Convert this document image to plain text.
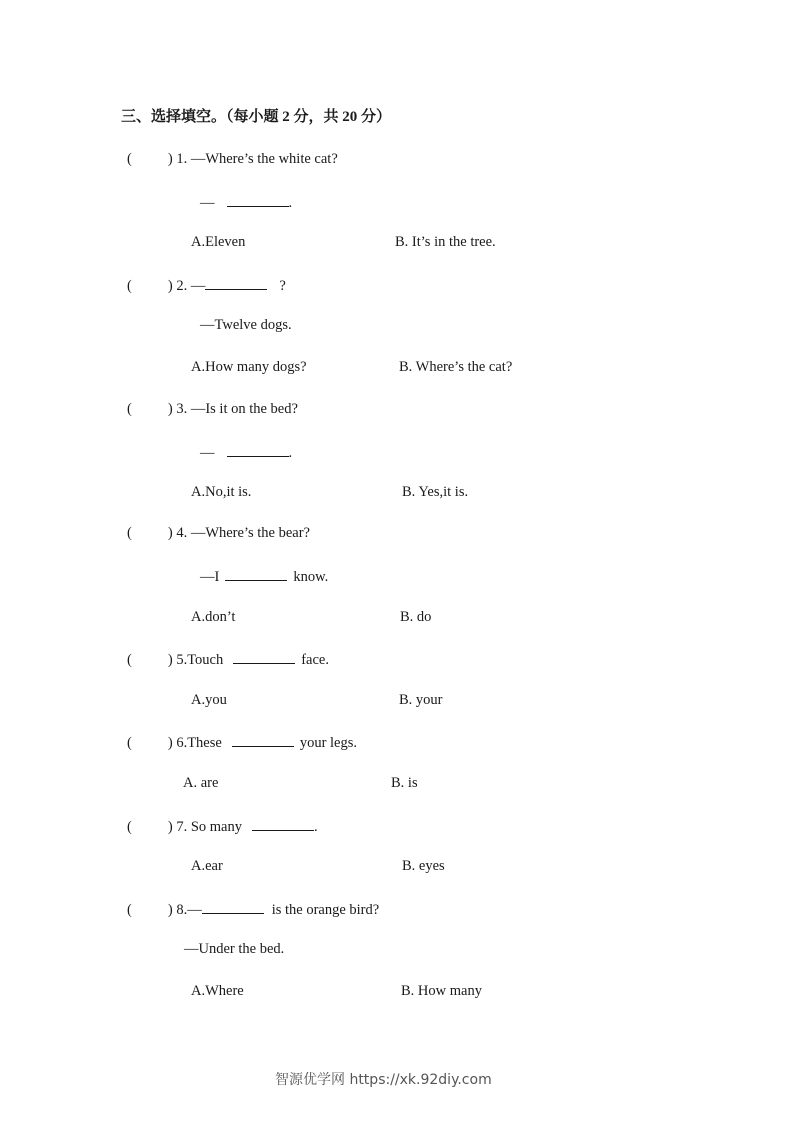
三、选择填空。（每小题 2 分，共 20 分）
( ) 1. —Where’s the white cat?
—	.
A.Eleven	B. It’s in the tree.
( ) 2. —	?
—Twelve dogs.
A.How many dogs?	B. Where’s the cat?
( ) 3. —Is it on the bed?
—	.
A.No,it is.	B. Yes,it is.
( ) 4. —Where’s the bear?
—I	know.
A.don’t	B. do
( ) 5.Touch	face.
A.you	B. your
( ) 6.These	your legs.
A. are	B. is
( ) 7. So many	.
A.ear	B. eyes
( ) 8.—	is the orange bird?
—Under the bed.
A.Where	B. How many
智源优学网 https://xk.92diy.com
